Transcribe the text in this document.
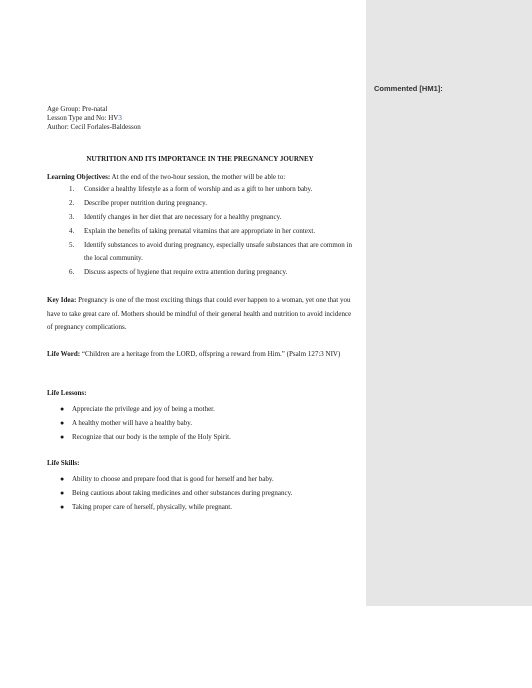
Commented [HM1]:
Age Group: Pre-natal
Lesson Type and No: HV3
Author: Cecil Forlales-Baldesson
NUTRITION AND ITS IMPORTANCE IN THE PREGNANCY JOURNEY
Learning Objectives: At the end of the two-hour session, the mother will be able to:
1. Consider a healthy lifestyle as a form of worship and as a gift to her unborn baby.
2. Describe proper nutrition during pregnancy.
3. Identify changes in her diet that are necessary for a healthy pregnancy.
4. Explain the benefits of taking prenatal vitamins that are appropriate in her context.
5. Identify substances to avoid during pregnancy, especially unsafe substances that are common in the local community.
6. Discuss aspects of hygiene that require extra attention during pregnancy.
Key Idea: Pregnancy is one of the most exciting things that could ever happen to a woman, yet one that you have to take great care of. Mothers should be mindful of their general health and nutrition to avoid incidence of pregnancy complications.
Life Word: “Children are a heritage from the LORD, offspring a reward from Him.” (Psalm 127:3 NIV)
Life Lessons:
● Appreciate the privilege and joy of being a mother.
● A healthy mother will have a healthy baby.
● Recognize that our body is the temple of the Holy Spirit.
Life Skills:
● Ability to choose and prepare food that is good for herself and her baby.
● Being cautious about taking medicines and other substances during pregnancy.
● Taking proper care of herself, physically, while pregnant.
